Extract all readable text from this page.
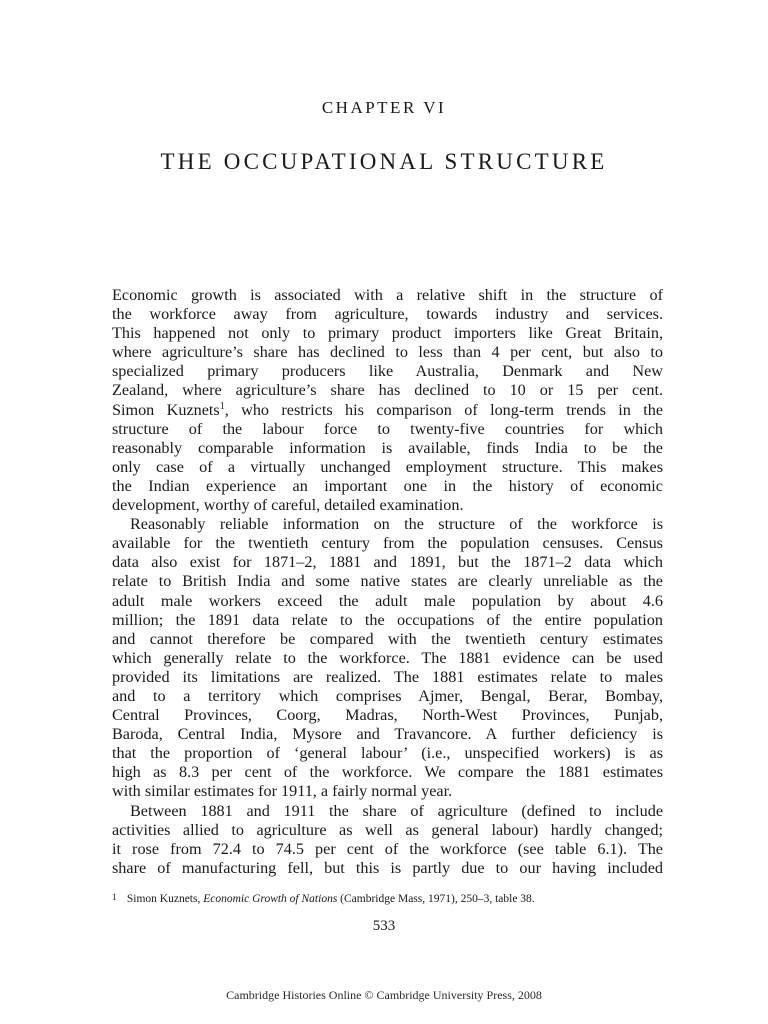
CHAPTER VI
THE OCCUPATIONAL STRUCTURE
Economic growth is associated with a relative shift in the structure of
the workforce away from agriculture, towards industry and services.
This happened not only to primary product importers like Great Britain,
where agriculture’s share has declined to less than 4 per cent, but also to
specialized primary producers like Australia, Denmark and New
Zealand, where agriculture’s share has declined to 10 or 15 per cent.
Simon Kuznets$^1$, who restricts his comparison of long-term trends in the
structure of the labour force to twenty-five countries for which
reasonably comparable information is available, finds India to be the
only case of a virtually unchanged employment structure. This makes
the Indian experience an important one in the history of economic
development, worthy of careful, detailed examination.
Reasonably reliable information on the structure of the workforce is
available for the twentieth century from the population censuses. Census
data also exist for 1871–2, 1881 and 1891, but the 1871–2 data which
relate to British India and some native states are clearly unreliable as the
adult male workers exceed the adult male population by about 4.6
million; the 1891 data relate to the occupations of the entire population
and cannot therefore be compared with the twentieth century estimates
which generally relate to the workforce. The 1881 evidence can be used
provided its limitations are realized. The 1881 estimates relate to males
and to a territory which comprises Ajmer, Bengal, Berar, Bombay,
Central Provinces, Coorg, Madras, North-West Provinces, Punjab,
Baroda, Central India, Mysore and Travancore. A further deficiency is
that the proportion of ‘general labour’ (i.e., unspecified workers) is as
high as 8.3 per cent of the workforce. We compare the 1881 estimates
with similar estimates for 1911, a fairly normal year.
Between 1881 and 1911 the share of agriculture (defined to include
activities allied to agriculture as well as general labour) hardly changed;
it rose from 72.4 to 74.5 per cent of the workforce (see table 6.1). The
share of manufacturing fell, but this is partly due to our having included
1 Simon Kuznets, Economic Growth of Nations (Cambridge Mass, 1971), 250–3, table 38.
533
Cambridge Histories Online © Cambridge University Press, 2008
